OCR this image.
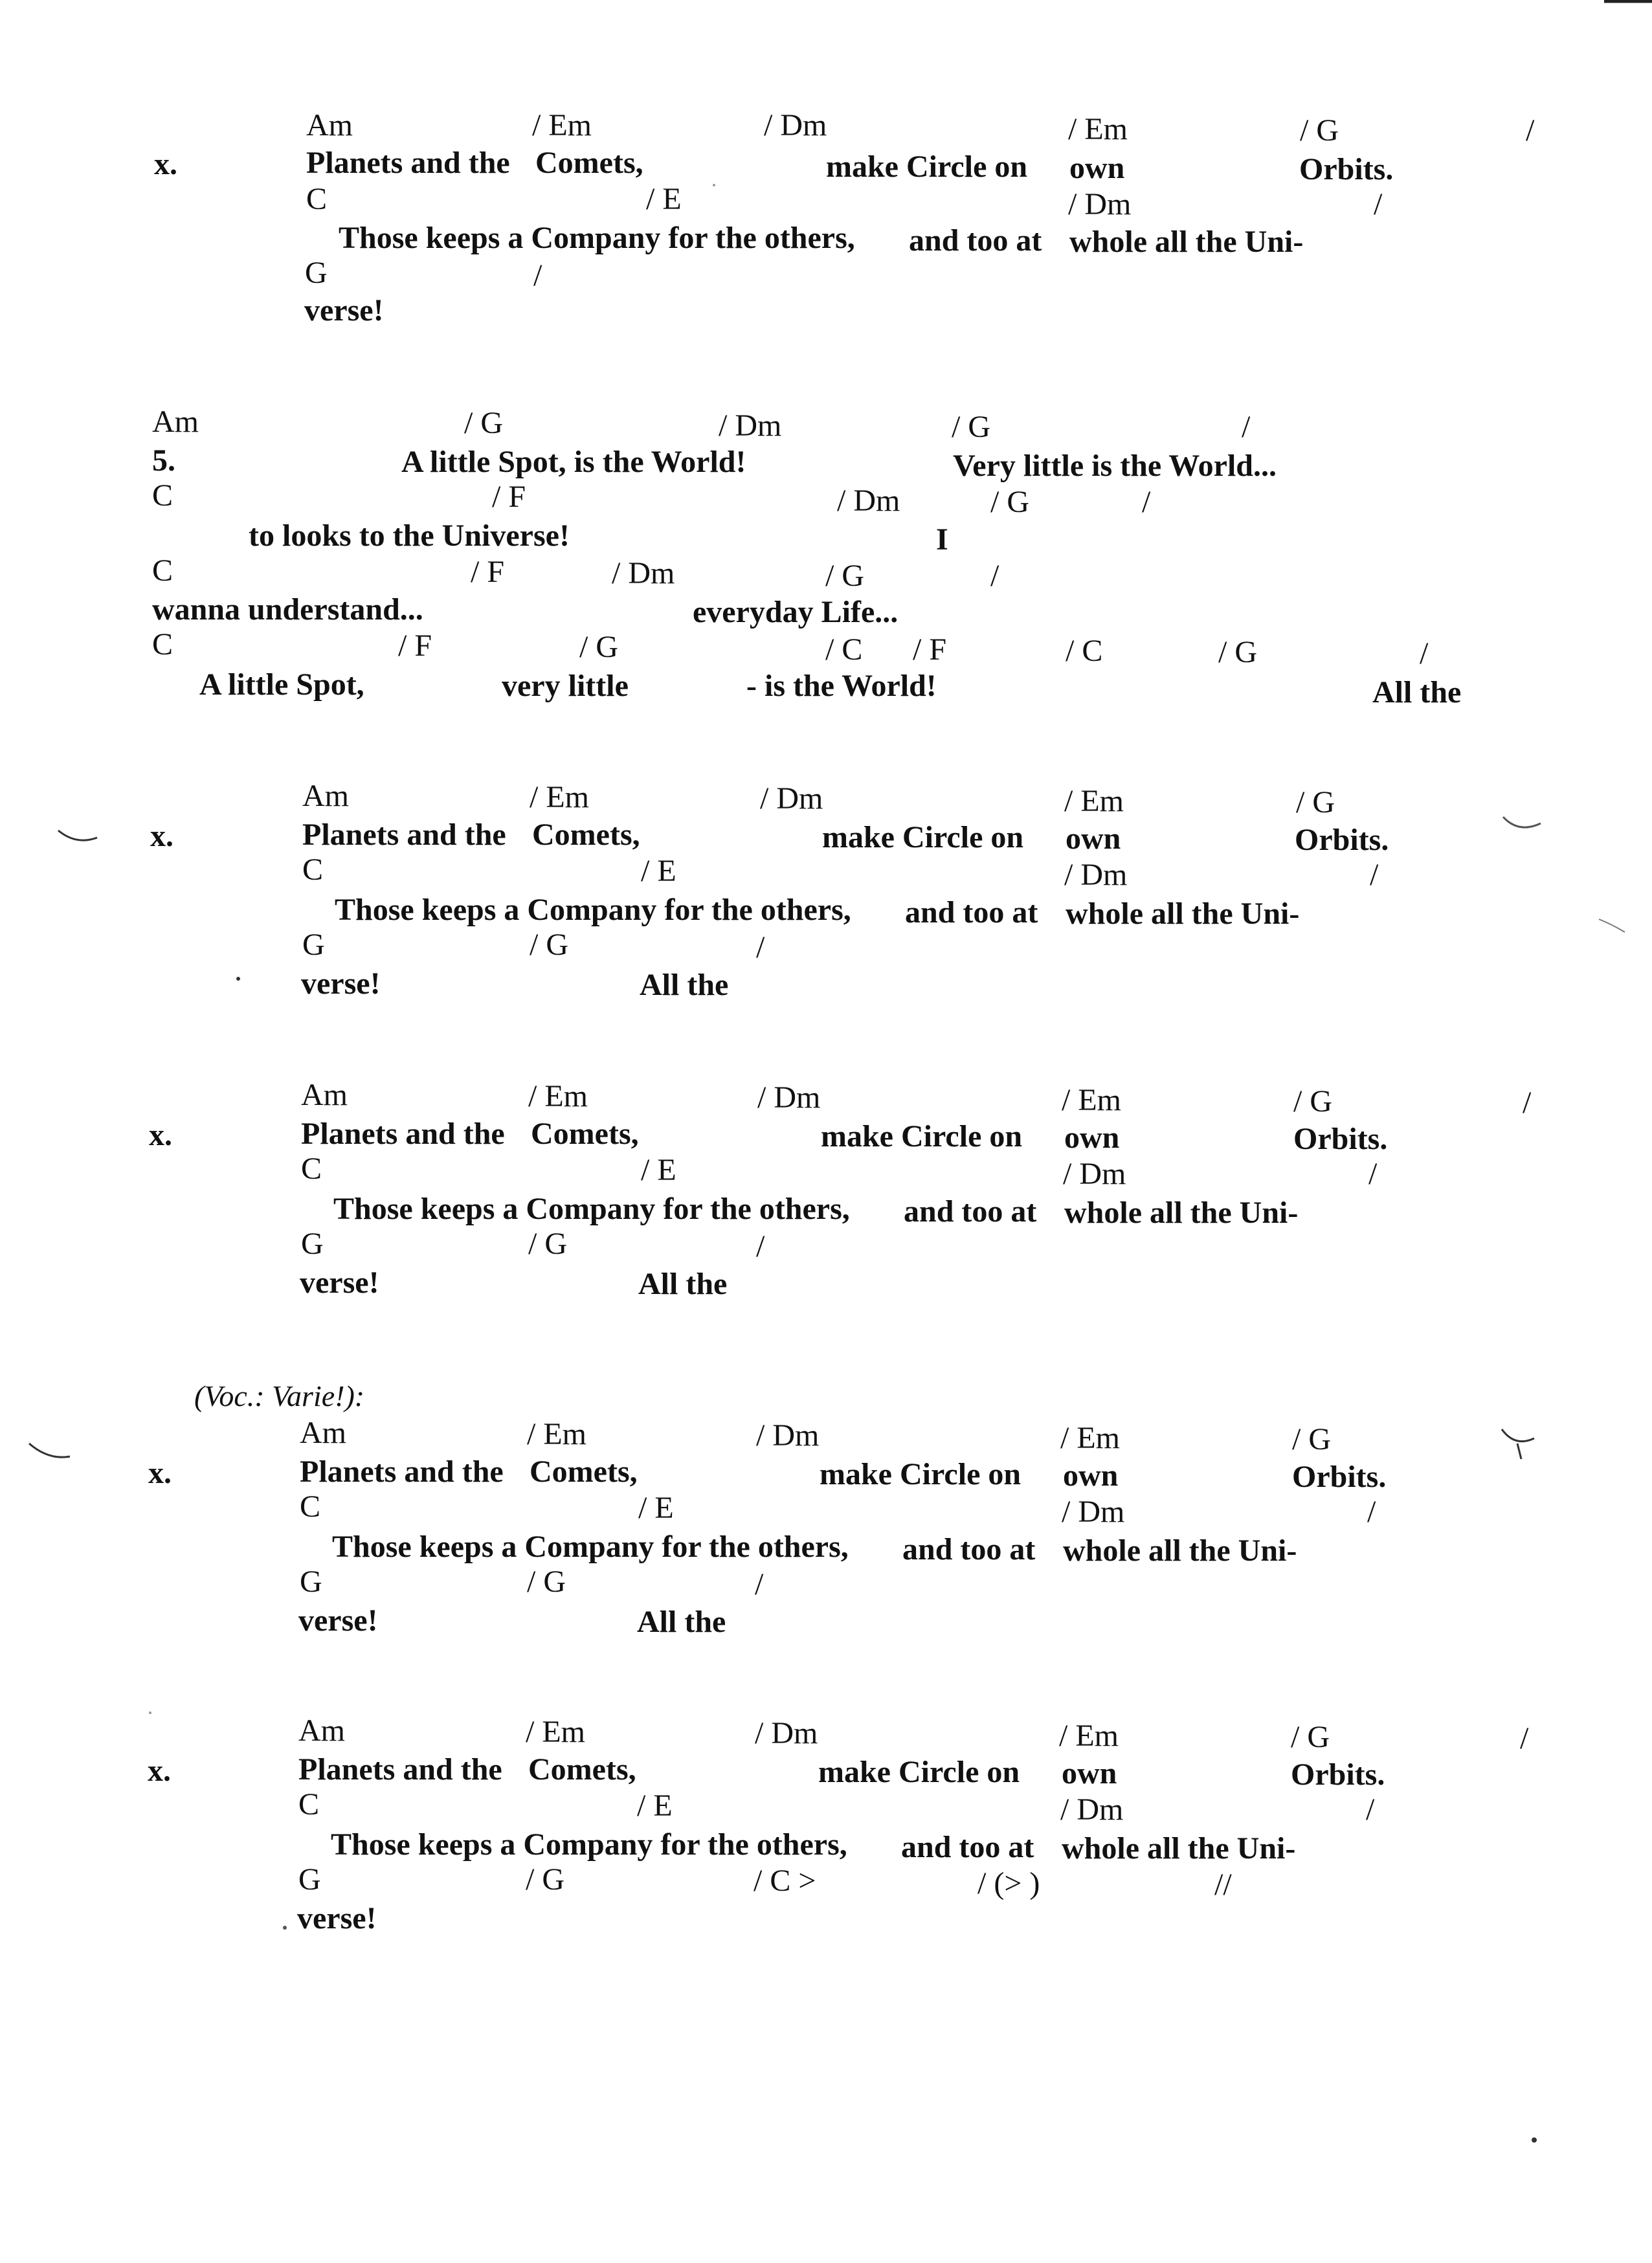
Am	/ Em	/ Dm	/ Em	/ G	/
x.	Planets and the Comets,	make Circle on own	Orbits.
C	/ E	/ Dm	/
Those keeps a Company for the others, and too at whole all the Uni-
G	/
verse!
Am	/ G	/ Dm	/ G	/
5.	A little Spot, is the World!	Very little is the World...
C	/ F	/ Dm	/ G	/
to looks to the Universe!	I
C	/ F	/ Dm	/ G	/
wanna understand...	everyday Life...
C	/ F	/ G	/ C / F	/ C	/ G	/
A little Spot,	very little	- is the World!	All the
Am	/ Em	/ Dm	/ Em	/ G
x.	Planets and the Comets,	make Circle on own	Orbits.
C	/ E	/ Dm	/
Those keeps a Company for the others, and too at whole all the Uni-
G	/ G	/
verse!	All the
Am	/ Em	/ Dm	/ Em	/ G	/
x.	Planets and the Comets,	make Circle on own	Orbits.
C	/ E	/ Dm	/
Those keeps a Company for the others, and too at whole all the Uni-
G	/ G	/
verse!	All the
(Voc.: Varie!):
Am	/ Em	/ Dm	/ Em	/ G
x.	Planets and the Comets,	make Circle on own	Orbits.
C	/ E	/ Dm	/
Those keeps a Company for the others, and too at whole all the Uni-
G	/ G	/
verse!	All the
Am	/ Em	/ Dm	/ Em	/ G	/
x.	Planets and the Comets,	make Circle on own	Orbits.
C	/ E	/ Dm	/
Those keeps a Company for the others, and too at whole all the Uni-
G	/ G	/ C >	/ (> )	//
verse!
